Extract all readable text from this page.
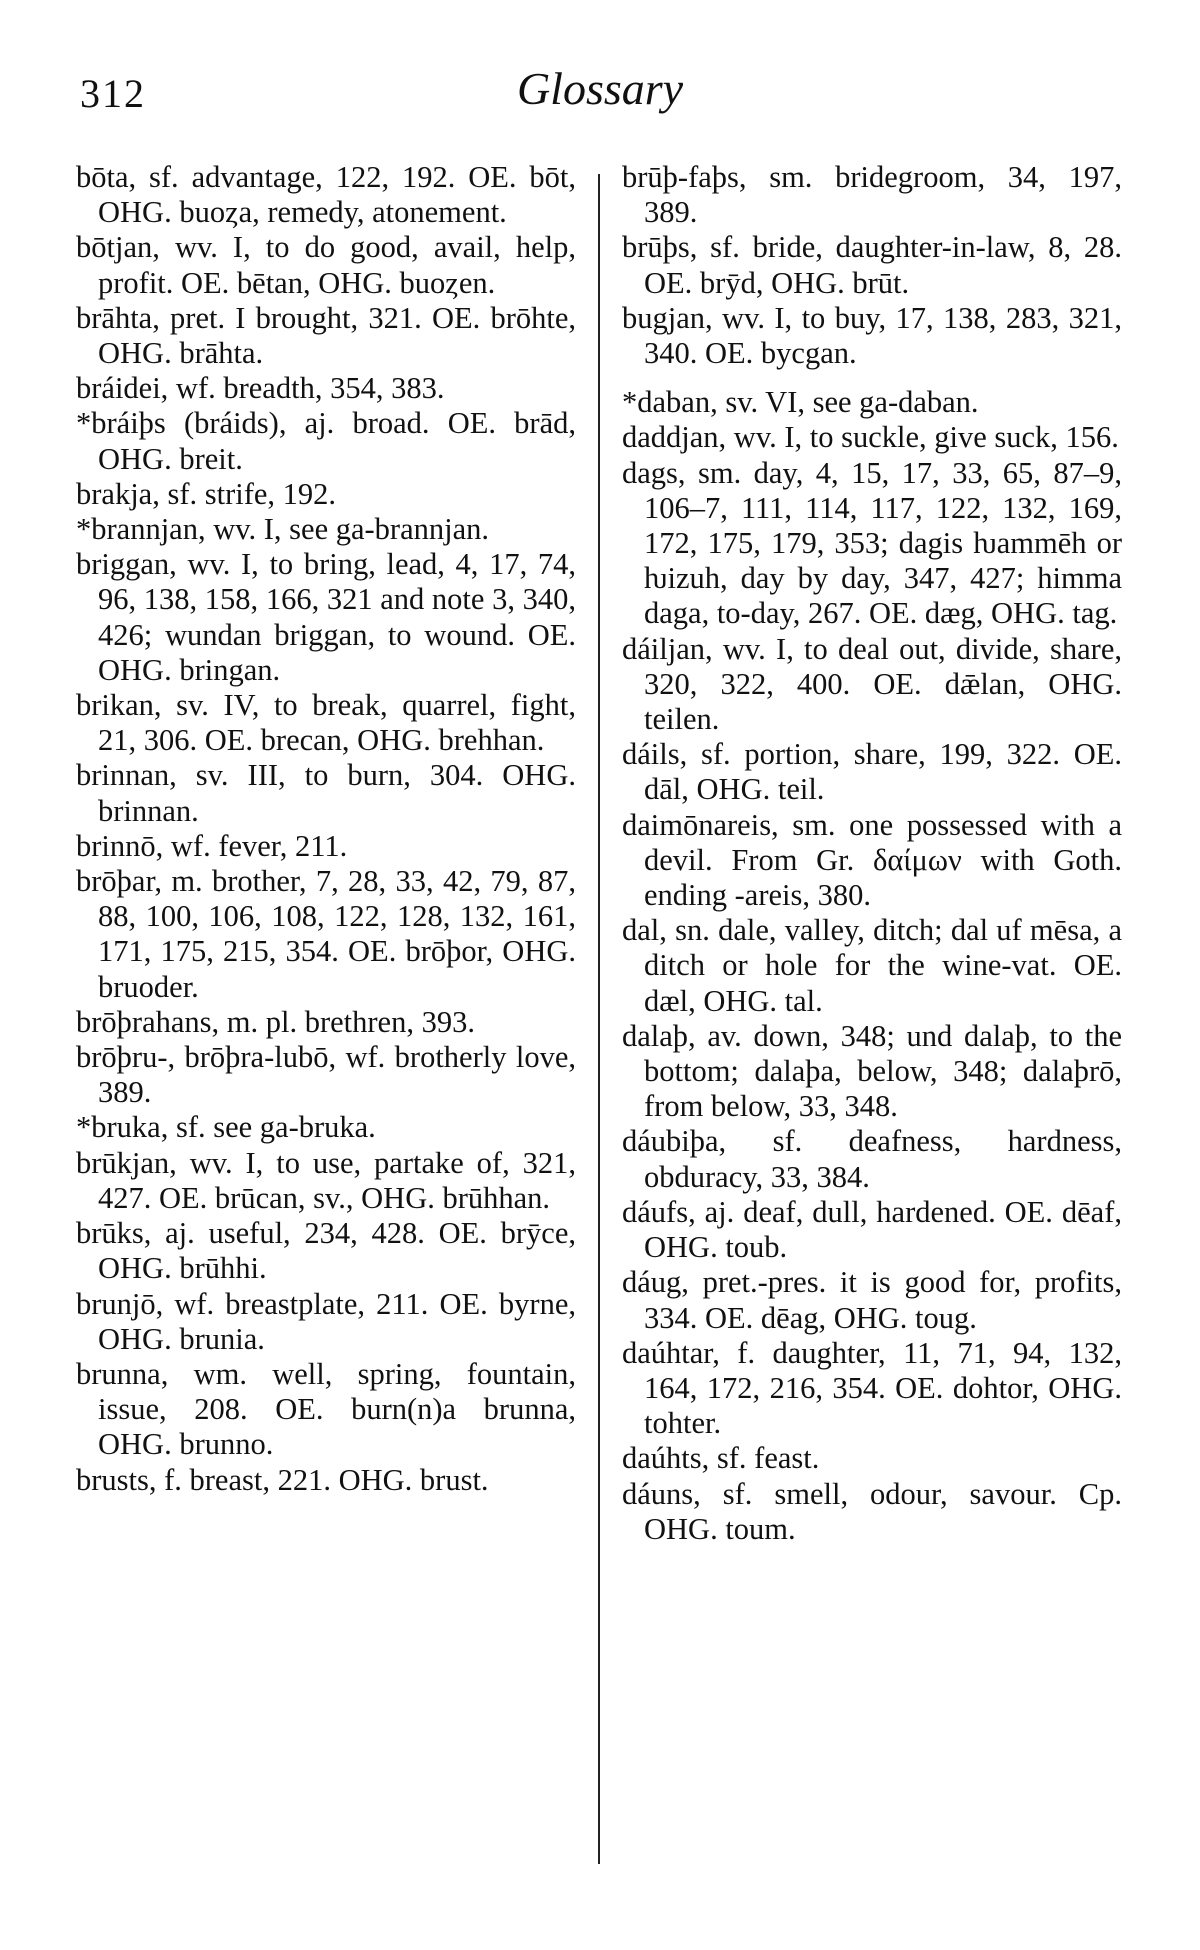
312	Glossary

bōta, sf. advantage, 122, 192. OE. bōt, OHG. buoȥa, remedy, atonement.

bōtjan, wv. I, to do good, avail, help, profit. OE. bētan, OHG. buoȥen.

brāhta, pret. I brought, 321. OE. brōhte, OHG. brāhta.

bráidei, wf. breadth, 354, 383.

*bráiþs (bráids), aj. broad. OE. brād, OHG. breit.

brakja, sf. strife, 192.

*brannjan, wv. I, see ga-brannjan.

briggan, wv. I, to bring, lead, 4, 17, 74, 96, 138, 158, 166, 321 and note 3, 340, 426; wundan briggan, to wound. OE. OHG. bringan.

brikan, sv. IV, to break, quarrel, fight, 21, 306. OE. brecan, OHG. brehhan.

brinnan, sv. III, to burn, 304. OHG. brinnan.

brinnō, wf. fever, 211.

brōþar, m. brother, 7, 28, 33, 42, 79, 87, 88, 100, 106, 108, 122, 128, 132, 161, 171, 175, 215, 354. OE. brōþor, OHG. bruoder.

brōþrahans, m. pl. brethren, 393.

brōþru-, brōþra-lubō, wf. brotherly love, 389.

*bruka, sf. see ga-bruka.

brūkjan, wv. I, to use, partake of, 321, 427. OE. brūcan, sv., OHG. brūhhan.

brūks, aj. useful, 234, 428. OE. brȳce, OHG. brūhhi.

brunjō, wf. breastplate, 211. OE. byrne, OHG. brunia.

brunna, wm. well, spring, fountain, issue, 208. OE. burn(n)a brunna, OHG. brunno.

brusts, f. breast, 221. OHG. brust.

brūþ-faþs, sm. bridegroom, 34, 197, 389.

brūþs, sf. bride, daughter-in-law, 8, 28. OE. brȳd, OHG. brūt.

bugjan, wv. I, to buy, 17, 138, 283, 321, 340. OE. bycgan.

*daban, sv. VI, see ga-daban.

daddjan, wv. I, to suckle, give suck, 156.

dags, sm. day, 4, 15, 17, 33, 65, 87–9, 106–7, 111, 114, 117, 122, 132, 169, 172, 175, 179, 353; dagis ƕammēh or ƕizuh, day by day, 347, 427; himma daga, to-day, 267. OE. dæg, OHG. tag.

dáiljan, wv. I, to deal out, divide, share, 320, 322, 400. OE. dǣlan, OHG. teilen.

dáils, sf. portion, share, 199, 322. OE. dāl, OHG. teil.

daimōnareis, sm. one possessed with a devil. From Gr. δαίμων with Goth. ending -areis, 380.

dal, sn. dale, valley, ditch; dal uf mēsa, a ditch or hole for the wine-vat. OE. dæl, OHG. tal.

dalaþ, av. down, 348; und dalaþ, to the bottom; dalaþa, below, 348; dalaþrō, from below, 33, 348.

dáubiþa, sf. deafness, hardness, obduracy, 33, 384.

dáufs, aj. deaf, dull, hardened. OE. dēaf, OHG. toub.

dáug, pret.-pres. it is good for, profits, 334. OE. dēag, OHG. toug.

daúhtar, f. daughter, 11, 71, 94, 132, 164, 172, 216, 354. OE. dohtor, OHG. tohter.

daúhts, sf. feast.

dáuns, sf. smell, odour, savour. Cp. OHG. toum.
